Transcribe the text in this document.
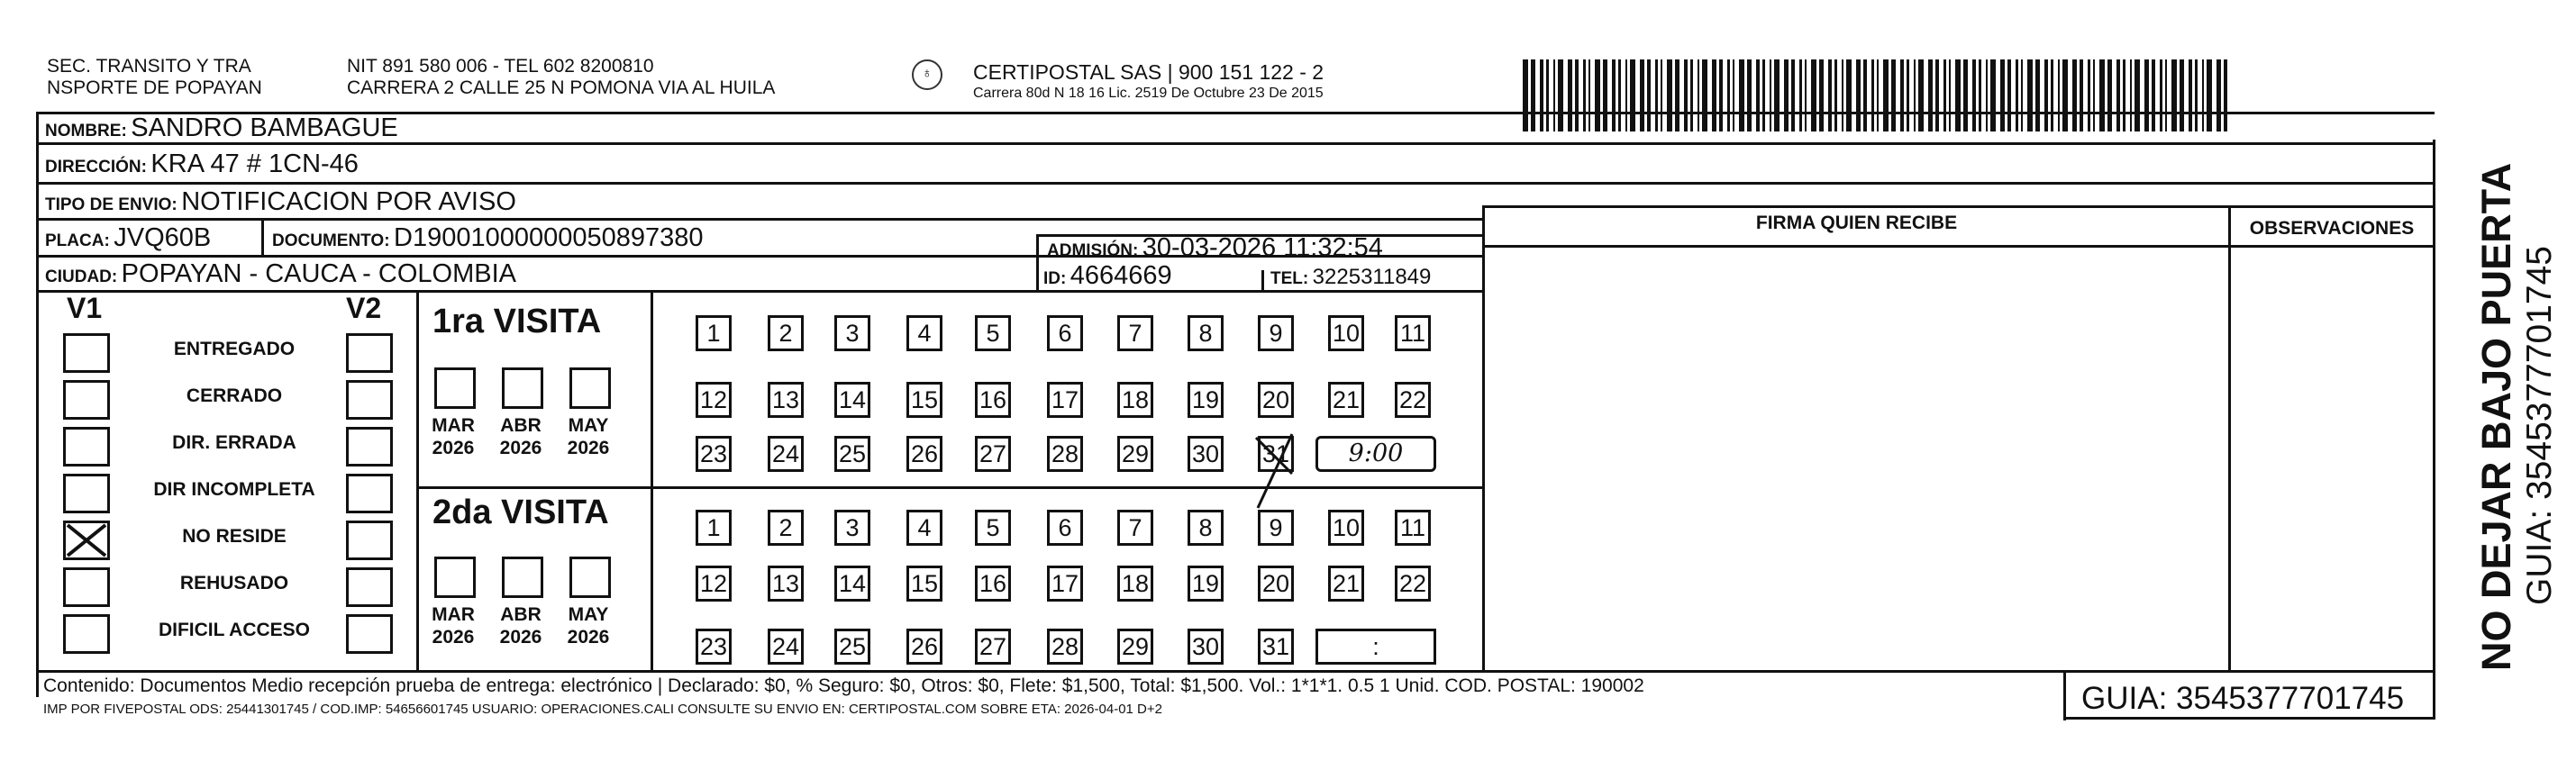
SEC. TRANSITO Y TRA
NSPORTE DE POPAYAN
NIT 891 580 006 - TEL 602 8200810
CARRERA 2 CALLE 25 N POMONA VIA AL HUILA
♁	CERTIPOSTAL SAS | 900 151 122 - 2
Carrera 80d N 18 16 Lic. 2519 De Octubre 23 De 2015
NOMBRE: SANDRO BAMBAGUE
DIRECCIÓN: KRA 47 # 1CN-46
TIPO DE ENVIO: NOTIFICACION POR AVISO
PLACA: JVQ60B	DOCUMENTO: D19001000000050897380	ADMISIÓN: 30-03-2026 11:32:54
CIUDAD: POPAYAN - CAUCA - COLOMBIA	ID: 4664669	TEL: 3225311849
FIRMA QUIEN RECIBE	OBSERVACIONES
V1	V2
ENTREGADO
CERRADO
DIR. ERRADA
DIR INCOMPLETA
NO RESIDE
REHUSADO
DIFICIL ACCESO
1ra VISITA
2da VISITA
1	2	3	4	5	6	7	8	9	10 11
12 13 14 15 16 17 18 19 20 21 22
23 24 25 26 27 28 29 30 31	9:00
1	2	3	4	5	6	7	8	9	10 11
12 13 14 15 16 17 18 19 20 21 22
23 24 25 26 27 28 29 30 31	:
MAR
2026
ABR
2026
MAY
2026
MAR
2026
ABR
2026
MAY
2026
Contenido: Documentos Medio recepción prueba de entrega: electrónico | Declarado: $0, % Seguro: $0, Otros: $0, Flete: $1,500, Total: $1,500. Vol.: 1*1*1. 0.5 1 Unid. COD. POSTAL: 190002
IMP POR FIVEPOSTAL ODS: 25441301745 / COD.IMP: 54656601745 USUARIO: OPERACIONES.CALI CONSULTE SU ENVIO EN: CERTIPOSTAL.COM SOBRE ETA: 2026-04-01 D+2	GUIA: 3545377701745
NO DEJAR BAJO PUERTA GUIA: 3545377701745
